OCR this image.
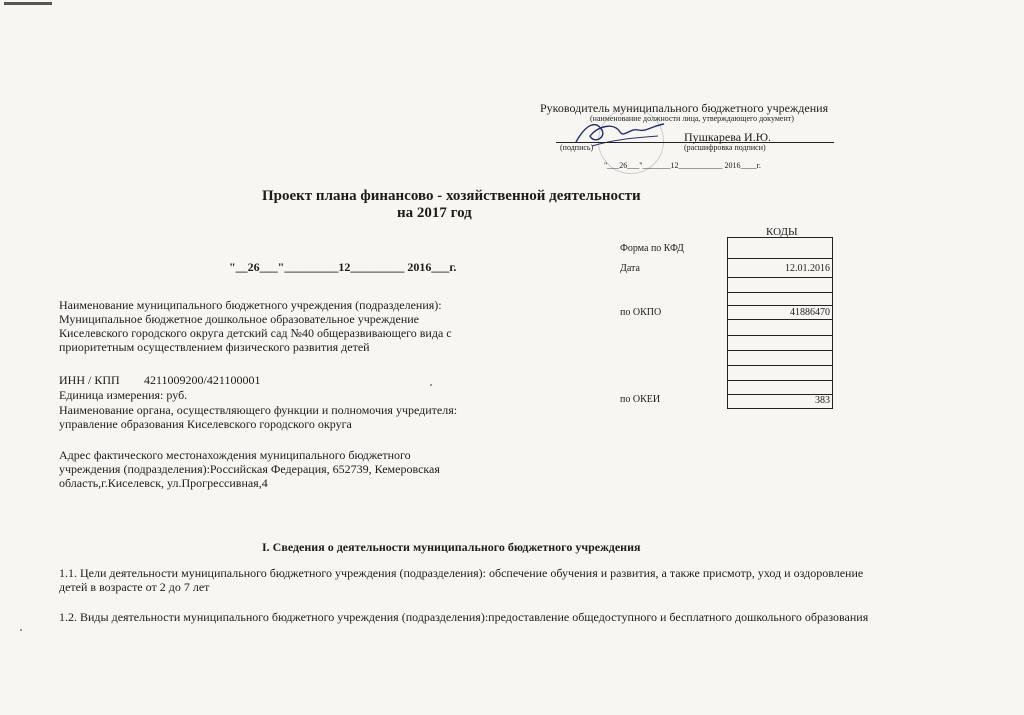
Руководитель муниципального бюджетного учреждения
(наименование должности лица, утверждающего документ)
Пушкарева И.Ю.
(подпись)	(расшифровка подписи)
"___26___"_______12___________ 2016____г.
Проект плана финансово - хозяйственной деятельности
на 2017 год
"__26___"_________12_________ 2016___г.
Наименование муниципального бюджетного учреждения (подразделения):
Муниципальное бюджетное дошкольное образовательное учреждение
Киселевского городского округа детский сад №40 общеразвивающего вида с
приоритетным осуществлением физического развития детей
ИНН / КПП 4211009200/421100001
Единица измерения: руб.
Наименование органа, осуществляющего функции и полномочия учредителя:
управление образования Киселевского городского округа
Адрес фактического местонахождения муниципального бюджетного
учреждения (подразделения):Российская Федерация, 652739, Кемеровская
область,г.Киселевск, ул.Прогрессивная,4
КОДЫ
Форма по КФД
Дата
по ОКПО
по ОКЕИ
12.01.2016
41886470
383
I. Сведения о деятельности муниципального бюджетного учреждения
1.1. Цели деятельности муниципального бюджетного учреждения (подразделения): обспечение обучения и развития, а также присмотр, уход и оздоровление
детей в возрасте от 2 до 7 лет
1.2. Виды деятельности муниципального бюджетного учреждения (подразделения):предоставление общедоступного и бесплатного дошкольного образования
